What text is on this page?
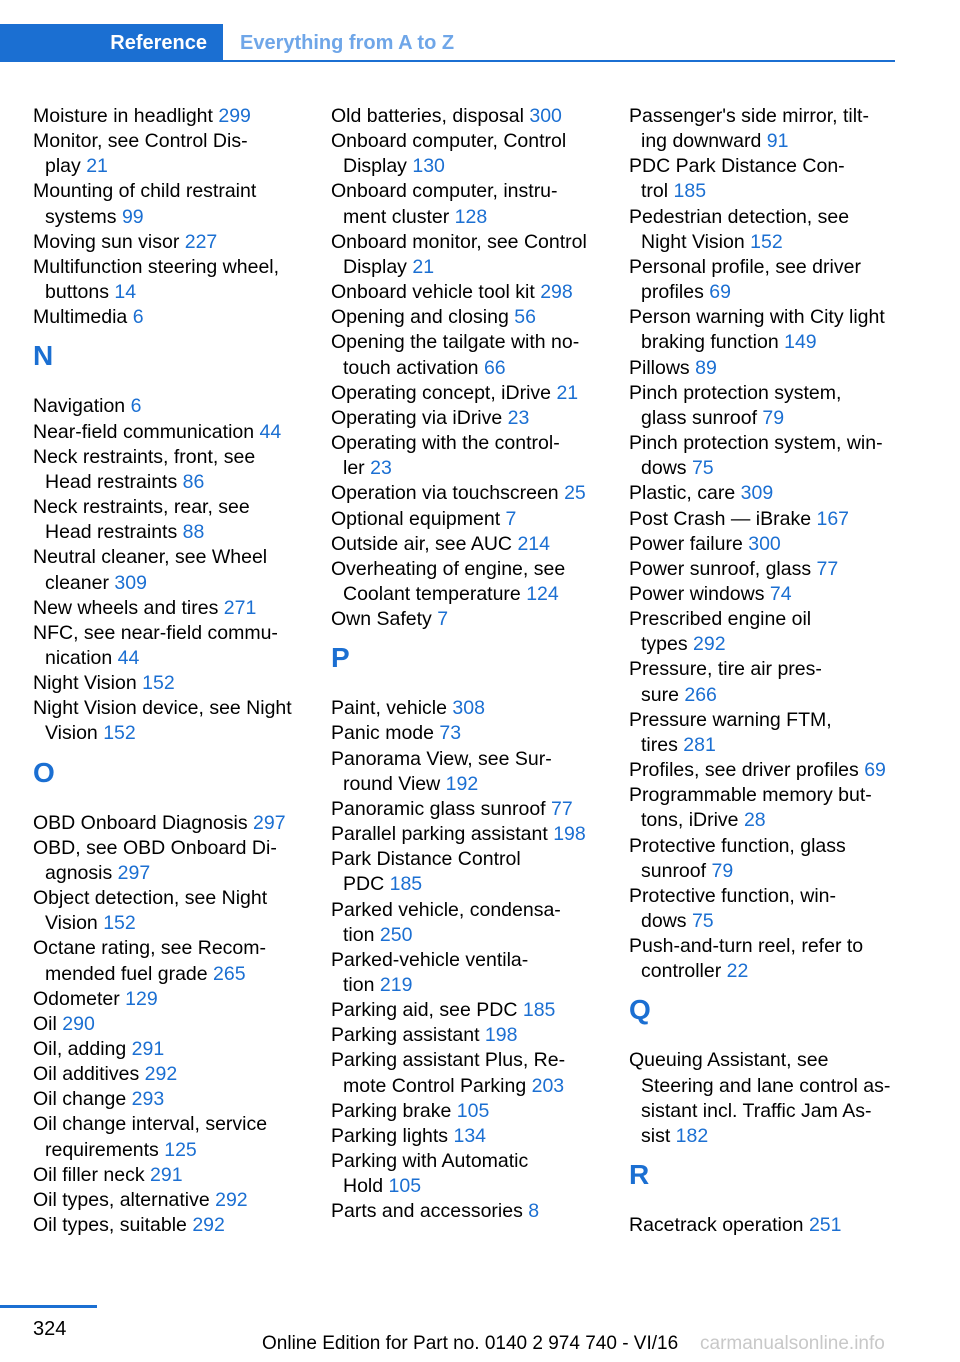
Reference Everything from A to Z
Moisture in headlight 299
Monitor, see Control Dis-
play 21
Mounting of child restraint
systems 99
Moving sun visor 227
Multifunction steering wheel,
buttons 14
Multimedia 6
N
Navigation 6
Near-field communication 44
Neck restraints, front, see
Head restraints 86
Neck restraints, rear, see
Head restraints 88
Neutral cleaner, see Wheel
cleaner 309
New wheels and tires 271
NFC, see near-field commu-
nication 44
Night Vision 152
Night Vision device, see Night
Vision 152
O
OBD Onboard Diagnosis 297
OBD, see OBD Onboard Di-
agnosis 297
Object detection, see Night
Vision 152
Octane rating, see Recom-
mended fuel grade 265
Odometer 129
Oil 290
Oil, adding 291
Oil additives 292
Oil change 293
Oil change interval, service
requirements 125
Oil filler neck 291
Oil types, alternative 292
Oil types, suitable 292
Old batteries, disposal 300
Onboard computer, Control
Display 130
Onboard computer, instru-
ment cluster 128
Onboard monitor, see Control
Display 21
Onboard vehicle tool kit 298
Opening and closing 56
Opening the tailgate with no-
touch activation 66
Operating concept, iDrive 21
Operating via iDrive 23
Operating with the control-
ler 23
Operation via touchscreen 25
Optional equipment 7
Outside air, see AUC 214
Overheating of engine, see
Coolant temperature 124
Own Safety 7
P
Paint, vehicle 308
Panic mode 73
Panorama View, see Sur-
round View 192
Panoramic glass sunroof 77
Parallel parking assistant 198
Park Distance Control
PDC 185
Parked vehicle, condensa-
tion 250
Parked-vehicle ventila-
tion 219
Parking aid, see PDC 185
Parking assistant 198
Parking assistant Plus, Re-
mote Control Parking 203
Parking brake 105
Parking lights 134
Parking with Automatic
Hold 105
Parts and accessories 8
Passenger's side mirror, tilt-
ing downward 91
PDC Park Distance Con-
trol 185
Pedestrian detection, see
Night Vision 152
Personal profile, see driver
profiles 69
Person warning with City light
braking function 149
Pillows 89
Pinch protection system,
glass sunroof 79
Pinch protection system, win-
dows 75
Plastic, care 309
Post Crash — iBrake 167
Power failure 300
Power sunroof, glass 77
Power windows 74
Prescribed engine oil
types 292
Pressure, tire air pres-
sure 266
Pressure warning FTM,
tires 281
Profiles, see driver profiles 69
Programmable memory but-
tons, iDrive 28
Protective function, glass
sunroof 79
Protective function, win-
dows 75
Push-and-turn reel, refer to
controller 22
Q
Queuing Assistant, see
Steering and lane control as-
sistant incl. Traffic Jam As-
sist 182
R
Racetrack operation 251
324
Online Edition for Part no. 0140 2 974 740 - VI/16 carmanualsonline.info
